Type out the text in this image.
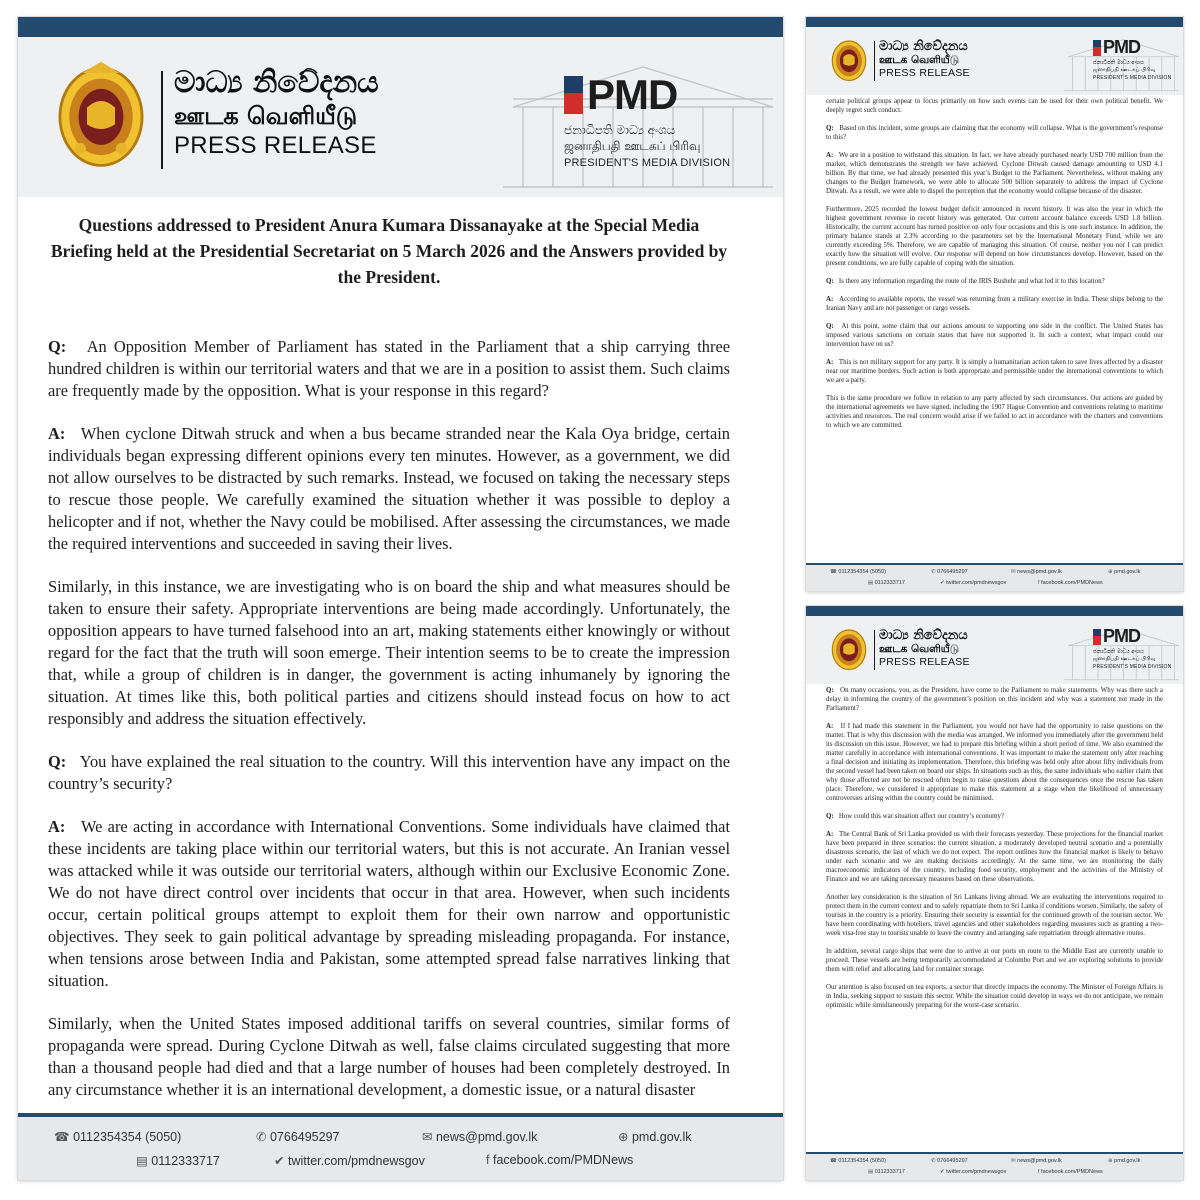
මාධ්‍ය නිවේදනය
ஊடக வெளியீடு
PRESS RELEASE
PMD
ජනාධිපති මාධ්‍ය අංශය
ஜனாதிபதி ஊடகப் பிரிவு
PRESIDENT'S MEDIA DIVISION
Questions addressed to President Anura Kumara Dissanayake at the Special Media Briefing held at the Presidential Secretariat on 5 March 2026 and the Answers provided by the President.

Q: An Opposition Member of Parliament has stated in the Parliament that a ship carrying three hundred children is within our territorial waters and that we are in a position to assist them. Such claims are frequently made by the opposition. What is your response in this regard?

A: When cyclone Ditwah struck and when a bus became stranded near the Kala Oya bridge, certain individuals began expressing different opinions every ten minutes. However, as a government, we did not allow ourselves to be distracted by such remarks. Instead, we focused on taking the necessary steps to rescue those people. We carefully examined the situation whether it was possible to deploy a helicopter and if not, whether the Navy could be mobilised. After assessing the circumstances, we made the required interventions and succeeded in saving their lives.

Similarly, in this instance, we are investigating who is on board the ship and what measures should be taken to ensure their safety. Appropriate interventions are being made accordingly. Unfortunately, the opposition appears to have turned falsehood into an art, making statements either knowingly or without regard for the fact that the truth will soon emerge. Their intention seems to be to create the impression that, while a group of children is in danger, the government is acting inhumanely by ignoring the situation. At times like this, both political parties and citizens should instead focus on how to act responsibly and address the situation effectively.

Q: You have explained the real situation to the country. Will this intervention have any impact on the country’s security?

A: We are acting in accordance with International Conventions. Some individuals have claimed that these incidents are taking place within our territorial waters, but this is not accurate. An Iranian vessel was attacked while it was outside our territorial waters, although within our Exclusive Economic Zone. We do not have direct control over incidents that occur in that area. However, when such incidents occur, certain political groups attempt to exploit them for their own narrow and opportunistic objectives. They seek to gain political advantage by spreading misleading propaganda. For instance, when tensions arose between India and Pakistan, some attempted spread false narratives linking that situation.

Similarly, when the United States imposed additional tariffs on several countries, similar forms of propaganda were spread. During Cyclone Ditwah as well, false claims circulated suggesting that more than a thousand people had died and that a large number of houses had been completely destroyed. In any circumstance whether it is an international development, a domestic issue, or a natural disaster

☎ 0112354354 (5050)	✆ 0766495297	✉ news@pmd.gov.lk	⊕ pmd.gov.lk
▤ 0112333717	✔ twitter.com/pmdnewsgov	f facebook.com/PMDNews
මාධ්‍ය නිවේදනය
ஊடக வெளியீடு
PRESS RELEASE
PMD
ජනාධිපති මාධ්‍ය අංශය
ஜனாதிபதி ஊடகப் பிரிவு
PRESIDENT'S MEDIA DIVISION

certain political groups appear to focus primarily on how such events can be used for their own political benefit. We deeply regret such conduct.

Q: Based on this incident, some groups are claiming that the economy will collapse. What is the government’s response to this?

A: We are in a position to withstand this situation. In fact, we have already purchased nearly USD 700 million from the market, which demonstrates the strength we have achieved. Cyclone Ditwah caused damage amounting to USD 4.1 billion. By that time, we had already presented this year’s Budget to the Parliament. Nevertheless, without making any changes to the Budget framework, we were able to allocate 500 billion separately to address the impact of Cyclone Ditwah. As a result, we were able to dispel the perception that the economy would collapse because of the disaster.

Furthermore, 2025 recorded the lowest budget deficit announced in recent history. It was also the year in which the highest government revenue in recent history was generated. Our current account balance exceeds USD 1.8 billion. Historically, the current account has turned positive on only four occasions and this is one such instance. In addition, the primary balance stands at 2.3% according to the parameters set by the International Monetary Fund, while we are currently exceeding 5%. Therefore, we are capable of managing this situation. Of course, neither you nor I can predict exactly how the situation will evolve. Our response will depend on how circumstances develop. However, based on the present conditions, we are fully capable of coping with the situation.

Q: Is there any information regarding the route of the IRIS Bushehr and what led it to this location?

A: According to available reports, the vessel was returning from a military exercise in India. These ships belong to the Iranian Navy and are not passenger or cargo vessels.

Q: At this point, some claim that our actions amount to supporting one side in the conflict. The United States has imposed various sanctions on certain states that have not supported it. In such a context, what impact could our intervention have on us?

A: This is not military support for any party. It is simply a humanitarian action taken to save lives affected by a disaster near our maritime borders. Such action is both appropriate and permissible under the international conventions to which we are a party.

This is the same procedure we follow in relation to any party affected by such circumstances. Our actions are guided by the international agreements we have signed, including the 1907 Hague Convention and conventions relating to maritime activities and resources. The real concern would arise if we failed to act in accordance with the charters and conventions to which we are committed.

☎ 0112354354 (5050)	✆ 0766495297	✉ news@pmd.gov.lk	⊕ pmd.gov.lk
▤ 0112333717	✔ twitter.com/pmdnewsgov	f facebook.com/PMDNews
මාධ්‍ය නිවේදනය
ஊடக வெளியீடு
PRESS RELEASE
PMD
ජනාධිපති මාධ්‍ය අංශය
ஜனாதிபதி ஊடகப் பிரிவு
PRESIDENT'S MEDIA DIVISION

Q: On many occasions, you, as the President, have come to the Parliament to make statements. Why was there such a delay in informing the country of the government’s position on this incident and why was a statement not made in the Parliament?

A: If I had made this statement in the Parliament, you would not have had the opportunity to raise questions on the matter. That is why this discussion with the media was arranged. We informed you immediately after the government held its discussion on this issue. However, we had to prepare this briefing within a short period of time. We also examined the matter carefully in accordance with international conventions. It was important to make the statement only after reaching a final decision and initiating its implementation. Therefore, this briefing was held only after about fifty individuals from the second vessel had been taken on board our ships. In situations such as this, the same individuals who earlier claim that why those affected are not be rescued often begin to raise questions about the consequences once the rescue has taken place. Therefore, we considered it appropriate to make this statement at a stage when the likelihood of unnecessary controversies arising within the country could be minimised.

Q: How could this war situation affect our country’s economy?

A: The Central Bank of Sri Lanka provided us with their forecasts yesterday. These projections for the financial market have been prepared in three scenarios: the current situation, a moderately developed neutral scenario and a potentially disastrous scenario, the last of which we do not expect. The report outlines how the financial market is likely to behave under each scenario and we are making decisions accordingly. At the same time, we are monitoring the daily macroeconomic indicators of the country, including food security, employment and the activities of the Ministry of Finance and we are taking necessary measures based on these observations.

Another key consideration is the situation of Sri Lankans living abroad. We are evaluating the interventions required to protect them in the current context and to safely repatriate them to Sri Lanka if conditions worsen. Similarly, the safety of tourists in the country is a priority. Ensuring their security is essential for the continued growth of the tourism sector. We have been coordinating with hoteliers, travel agencies and other stakeholders regarding measures such as granting a two-week visa-free stay to tourists unable to leave the country and arranging safe repatriation through alternative routes.

In addition, several cargo ships that were due to arrive at our ports en route to the Middle East are currently unable to proceed. These vessels are being temporarily accommodated at Colombo Port and we are exploring solutions to provide them with relief and allocating land for container storage.

Our attention is also focused on tea exports, a sector that directly impacts the economy. The Minister of Foreign Affairs is in India, seeking support to sustain this sector. While the situation could develop in ways we do not anticipate, we remain optimistic while simultaneously preparing for the worst-case scenario.

☎ 0112354354 (5050)	✆ 0766495297	✉ news@pmd.gov.lk	⊕ pmd.gov.lk
▤ 0112333717	✔ twitter.com/pmdnewsgov	f facebook.com/PMDNews
